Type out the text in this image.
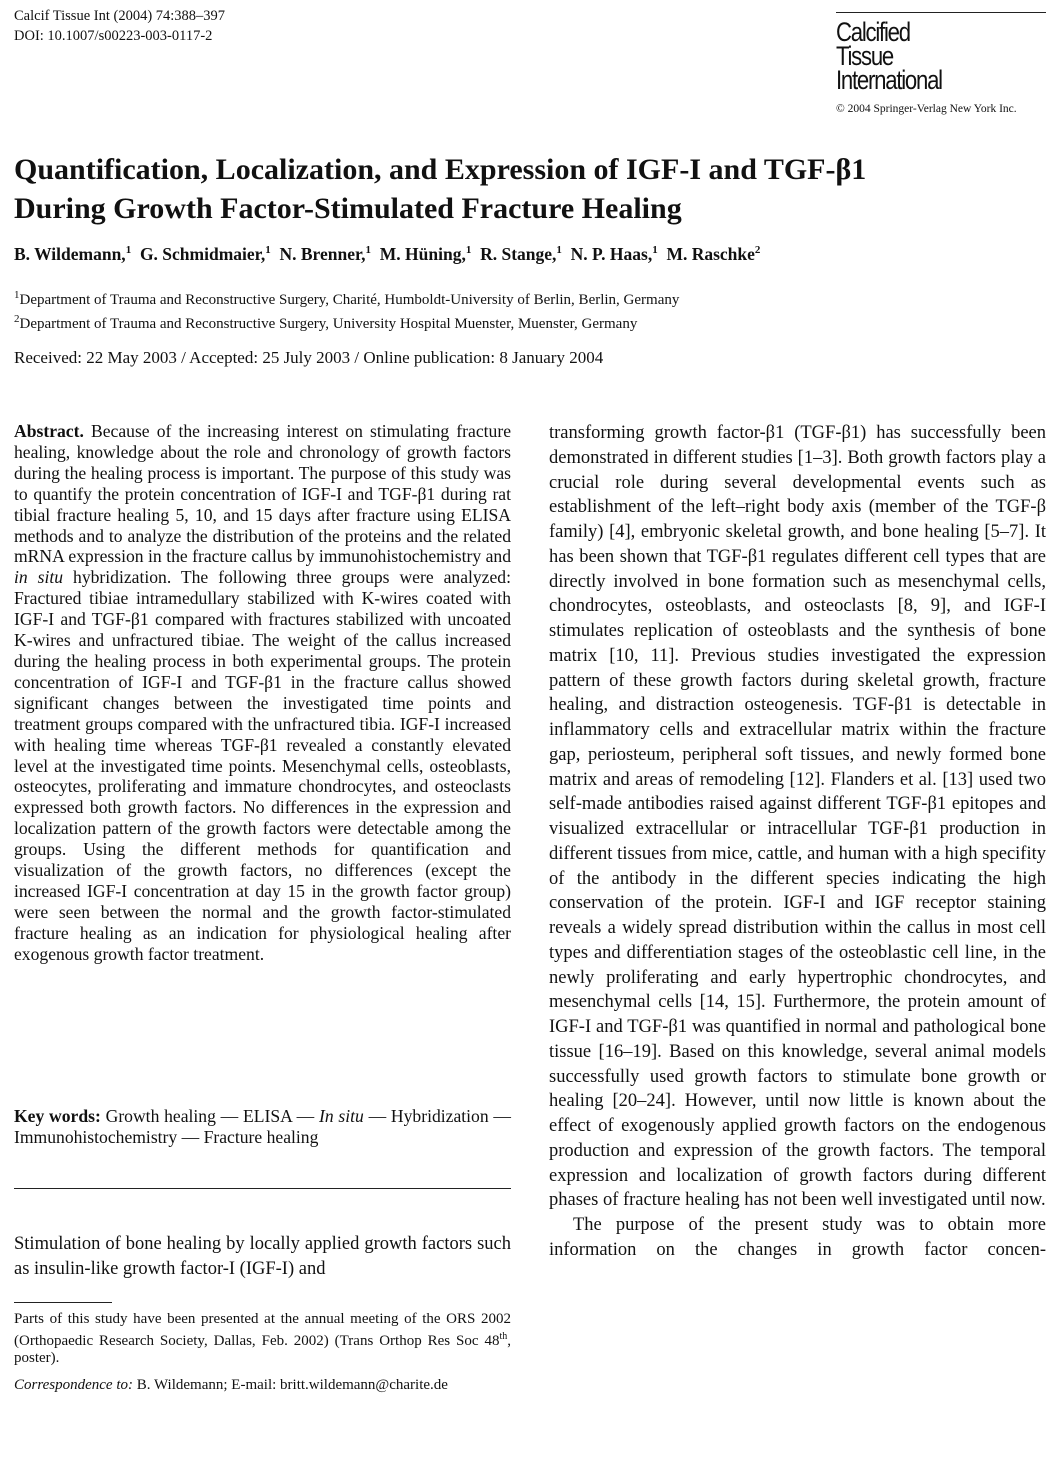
Calcif Tissue Int (2004) 74:388–397
DOI: 10.1007/s00223-003-0117-2	Calcified
Tissue
International
© 2004 Springer-Verlag New York Inc.
Quantification, Localization, and Expression of IGF-I and TGF-β1
During Growth Factor-Stimulated Fracture Healing
B. Wildemann,$^1$ G. Schmidmaier,$^1$ N. Brenner,$^1$ M. Hüning,$^1$ R. Stange,$^1$ N. P. Haas,$^1$ M. Raschke$^2$
$^1$Department of Trauma and Reconstructive Surgery, Charité, Humboldt-University of Berlin, Berlin, Germany
$^2$Department of Trauma and Reconstructive Surgery, University Hospital Muenster, Muenster, Germany
Received: 22 May 2003 / Accepted: 25 July 2003 / Online publication: 8 January 2004
Abstract. Because of the increasing interest on stimulating fracture healing, knowledge about the role and chronology of growth factors during the healing process is important. The purpose of this study was to quantify the protein concentration of IGF-I and TGF-β1 during rat tibial fracture healing 5, 10, and 15 days after fracture using ELISA methods and to analyze the distribution of the proteins and the related mRNA expression in the fracture callus by immunohistochemistry and in situ hybridization. The following three groups were analyzed: Fractured tibiae intramedullary stabilized with K-wires coated with IGF-I and TGF-β1 compared with fractures stabilized with uncoated K-wires and unfractured tibiae. The weight of the callus increased during the healing process in both experimental groups. The protein concentration of IGF-I and TGF-β1 in the fracture callus showed significant changes between the investigated time points and treatment groups compared with the unfractured tibia. IGF-I increased with healing time whereas TGF-β1 revealed a constantly elevated level at the investigated time points. Mesenchymal cells, osteoblasts, osteocytes, proliferating and immature chondrocytes, and osteoclasts expressed both growth factors. No differences in the expression and localization pattern of the growth factors were detectable among the groups. Using the different methods for quantification and visualization of the growth factors, no differences (except the increased IGF-I concentration at day 15 in the growth factor group) were seen between the normal and the growth factor-stimulated fracture healing as an indication for physiological healing after exogenous growth factor treatment.
Key words: Growth healing — ELISA — In situ — Hybridization — Immunohistochemistry — Fracture healing
Stimulation of bone healing by locally applied growth factors such as insulin-like growth factor-I (IGF-I) and
Parts of this study have been presented at the annual meeting of the ORS 2002 (Orthopaedic Research Society, Dallas, Feb. 2002) (Trans Orthop Res Soc 48th, poster).
Correspondence to: B. Wildemann; E-mail: britt.wildemann@charite.de

transforming growth factor-β1 (TGF-β1) has successfully been demonstrated in different studies [1–3]. Both growth factors play a crucial role during several developmental events such as establishment of the left–right body axis (member of the TGF-β family) [4], embryonic skeletal growth, and bone healing [5–7]. It has been shown that TGF-β1 regulates different cell types that are directly involved in bone formation such as mesenchymal cells, chondrocytes, osteoblasts, and osteoclasts [8, 9], and IGF-I stimulates replication of osteoblasts and the synthesis of bone matrix [10, 11]. Previous studies investigated the expression pattern of these growth factors during skeletal growth, fracture healing, and distraction osteogenesis. TGF-β1 is detectable in inflammatory cells and extracellular matrix within the fracture gap, periosteum, peripheral soft tissues, and newly formed bone matrix and areas of remodeling [12]. Flanders et al. [13] used two self-made antibodies raised against different TGF-β1 epitopes and visualized extracellular or intracellular TGF-β1 production in different tissues from mice, cattle, and human with a high specifity of the antibody in the different species indicating the high conservation of the protein. IGF-I and IGF receptor staining reveals a widely spread distribution within the callus in most cell types and differentiation stages of the osteoblastic cell line, in the newly proliferating and early hypertrophic chondrocytes, and mesenchymal cells [14, 15]. Furthermore, the protein amount of IGF-I and TGF-β1 was quantified in normal and pathological bone tissue [16–19]. Based on this knowledge, several animal models successfully used growth factors to stimulate bone growth or healing [20–24]. However, until now little is known about the effect of exogenously applied growth factors on the endogenous production and expression of the growth factors. The temporal expression and localization of growth factors during different phases of fracture healing has not been well investigated until now.

The purpose of the present study was to obtain more information on the changes in growth factor concen-
